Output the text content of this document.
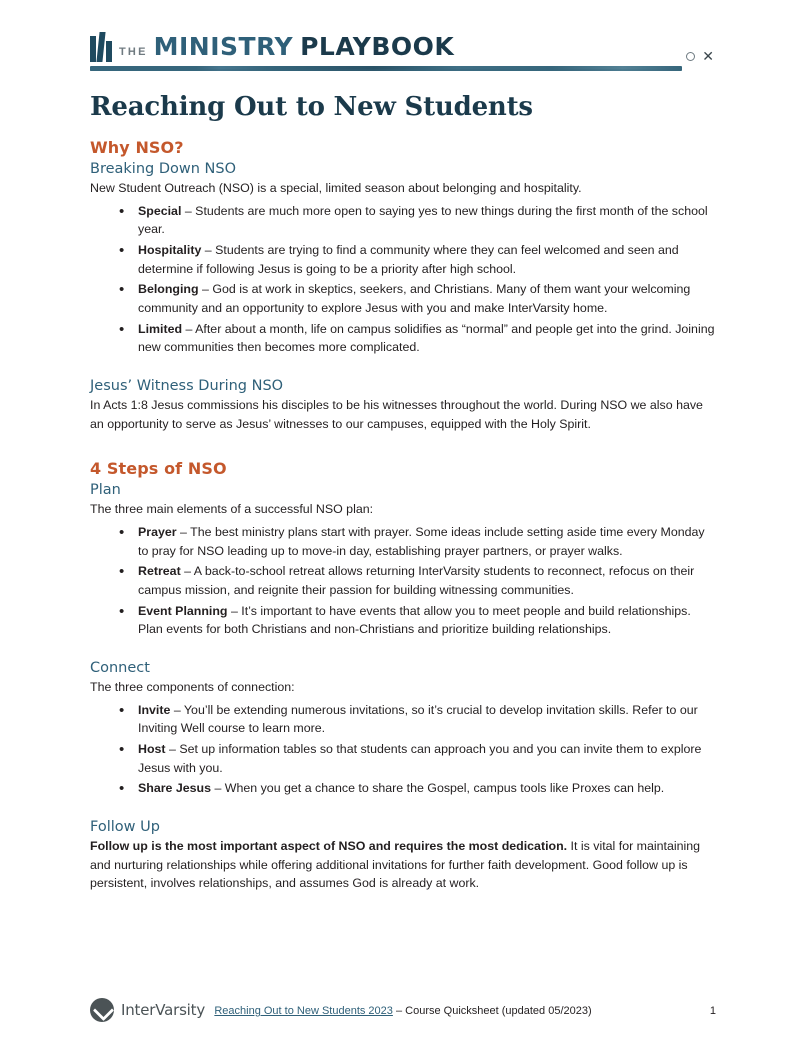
THE MINISTRY PLAYBOOK	✕
Reaching Out to New Students
Why NSO?
Breaking Down NSO

New Student Outreach (NSO) is a special, limited season about belonging and hospitality.

• Special – Students are much more open to saying yes to new things during the first month of the school year.
• Hospitality – Students are trying to find a community where they can feel welcomed and seen and determine if following Jesus is going to be a priority after high school.
• Belonging – God is at work in skeptics, seekers, and Christians. Many of them want your welcoming community and an opportunity to explore Jesus with you and make InterVarsity home.
• Limited – After about a month, life on campus solidifies as “normal” and people get into the grind. Joining new communities then becomes more complicated.
Jesus’ Witness During NSO

In Acts 1:8 Jesus commissions his disciples to be his witnesses throughout the world. During NSO we also have an opportunity to serve as Jesus’ witnesses to our campuses, equipped with the Holy Spirit.

4 Steps of NSO
Plan

The three main elements of a successful NSO plan:

• Prayer – The best ministry plans start with prayer. Some ideas include setting aside time every Monday to pray for NSO leading up to move-in day, establishing prayer partners, or prayer walks.
• Retreat – A back-to-school retreat allows returning InterVarsity students to reconnect, refocus on their campus mission, and reignite their passion for building witnessing communities.
• Event Planning – It’s important to have events that allow you to meet people and build relationships. Plan events for both Christians and non-Christians and prioritize building relationships.
Connect

The three components of connection:

• Invite – You’ll be extending numerous invitations, so it’s crucial to develop invitation skills. Refer to our Inviting Well course to learn more.
• Host – Set up information tables so that students can approach you and you can invite them to explore Jesus with you.
• Share Jesus – When you get a chance to share the Gospel, campus tools like Proxes can help.
Follow Up

Follow up is the most important aspect of NSO and requires the most dedication. It is vital for maintaining and nurturing relationships while offering additional invitations for further faith development. Good follow up is persistent, involves relationships, and assumes God is already at work.

InterVarsity Reaching Out to New Students 2023 – Course Quicksheet (updated 05/2023)	1
